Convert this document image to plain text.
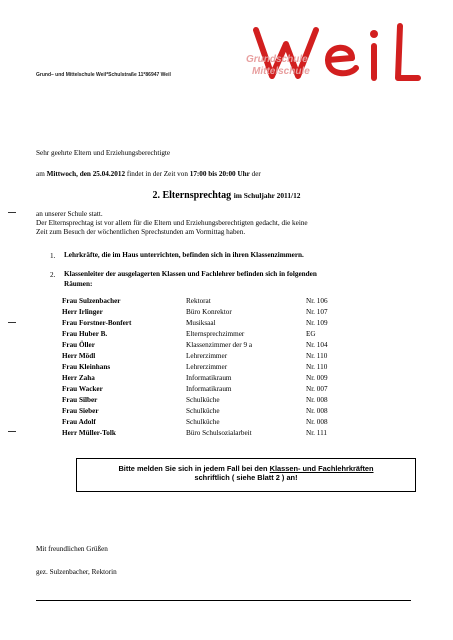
Grund– und Mittelschule Weil*Schulstraße 11*86947 Weil
Grundschule
Mittelschule
Sehr geehrte Eltern und Erziehungsberechtigte
am Mittwoch, den 25.04.2012 findet in der Zeit von 17:00 bis 20:00 Uhr der
2. Elternsprechtag im Schuljahr 2011/12
an unserer Schule statt.
Der Elternsprechtag ist vor allem für die Eltern und Erziehungsberechtigten gedacht, die keine
Zeit zum Besuch der wöchentlichen Sprechstunden am Vormittag haben.
1. Lehrkräfte, die im Haus unterrichten, befinden sich in ihren Klassenzimmern.
2. Klassenleiter der ausgelagerten Klassen und Fachlehrer befinden sich in folgenden
Räumen:
Frau Sulzenbacher	Rektorat	Nr. 106
Herr Irlinger	Büro Konrektor	Nr. 107
Frau Forstner-Bonfert	Musiksaal	Nr. 109
Frau Huber B.	Elternsprechzimmer	EG
Frau Öller	Klassenzimmer der 9 a	Nr. 104
Herr Mödl	Lehrerzimmer	Nr. 110
Frau Kleinhans	Lehrerzimmer	Nr. 110
Herr Zaha	Informatikraum	Nr. 009
Frau Wacker	Informatikraum	Nr. 007
Frau Silber	Schulküche	Nr. 008
Frau Sieber	Schulküche	Nr. 008
Frau Adolf	Schulküche	Nr. 008
Herr Müller-Tolk	Büro Schulsozialarbeit	Nr. 111
Bitte melden Sie sich in jedem Fall bei den Klassen- und Fachlehrkräften
schriftlich ( siehe Blatt 2 ) an!
Mit freundlichen Grüßen
gez. Sulzenbacher, Rektorin
